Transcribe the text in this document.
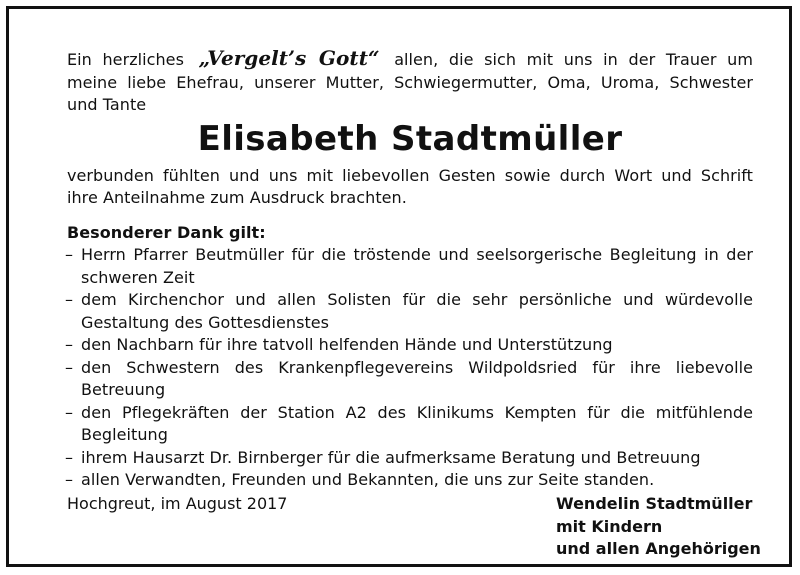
Ein herzliches „Vergelt’s Gott“ allen, die sich mit uns in der Trauer um
meine liebe Ehefrau, unserer Mutter, Schwiegermutter, Oma, Uroma, Schwester
und Tante
Elisabeth Stadtmüller
verbunden fühlten und uns mit liebevollen Gesten sowie durch Wort und Schrift
ihre Anteilnahme zum Ausdruck brachten.
Besonderer Dank gilt:
– Herrn Pfarrer Beutmüller für die tröstende und seelsorgerische Begleitung in der schweren Zeit
– dem Kirchenchor und allen Solisten für die sehr persönliche und würdevolle Gestaltung des Gottesdienstes
– den Nachbarn für ihre tatvoll helfenden Hände und Unterstützung
– den Schwestern des Krankenpflegevereins Wildpoldsried für ihre liebevolle Betreuung
– den Pflegekräften der Station A2 des Klinikums Kempten für die mitfühlende Begleitung
– ihrem Hausarzt Dr. Birnberger für die aufmerksame Beratung und Betreuung
– allen Verwandten, Freunden und Bekannten, die uns zur Seite standen.
Hochgreut, im August 2017	Wendelin Stadtmüller
mit Kindern
und allen Angehörigen
